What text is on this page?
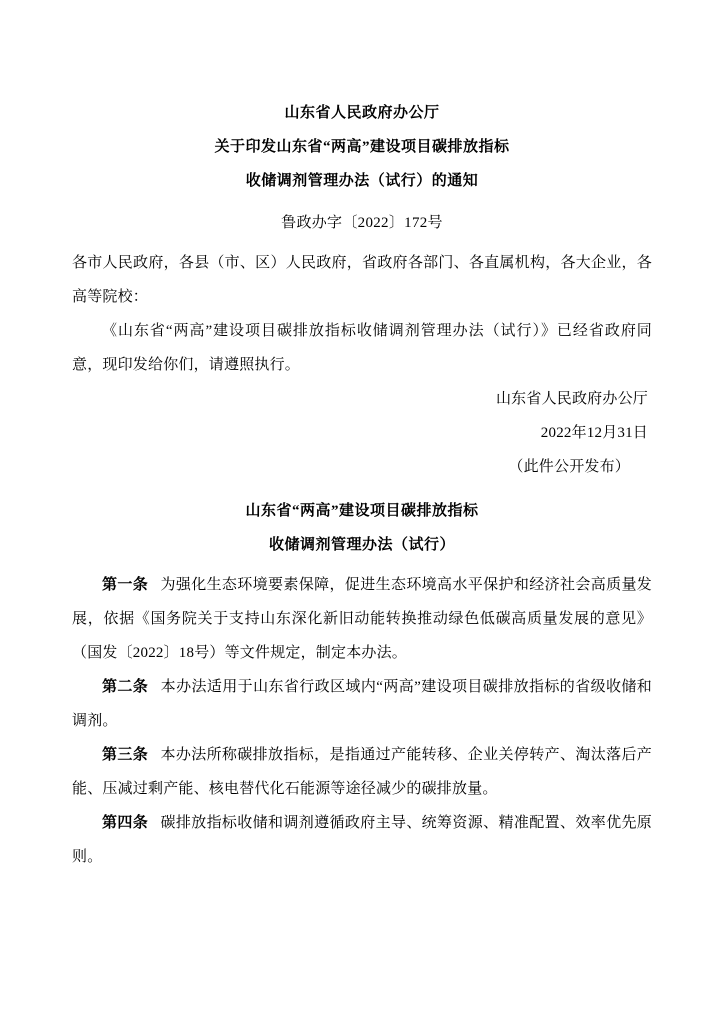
山东省人民政府办公厅
关于印发山东省“两高”建设项目碳排放指标
收储调剂管理办法（试行）的通知
鲁政办字〔2022〕172号
各市人民政府，各县（市、区）人民政府，省政府各部门、各直属机构，各大企业，各高等院校：
《山东省“两高”建设项目碳排放指标收储调剂管理办法（试行）》已经省政府同意，现印发给你们，请遵照执行。
山东省人民政府办公厅
2022年12月31日
（此件公开发布）
山东省“两高”建设项目碳排放指标
收储调剂管理办法（试行）
第一条 为强化生态环境要素保障，促进生态环境高水平保护和经济社会高质量发展，依据《国务院关于支持山东深化新旧动能转换推动绿色低碳高质量发展的意见》（国发〔2022〕18号）等文件规定，制定本办法。
第二条 本办法适用于山东省行政区域内“两高”建设项目碳排放指标的省级收储和调剂。
第三条 本办法所称碳排放指标，是指通过产能转移、企业关停转产、淘汰落后产能、压减过剩产能、核电替代化石能源等途径减少的碳排放量。
第四条 碳排放指标收储和调剂遵循政府主导、统筹资源、精准配置、效率优先原则。
